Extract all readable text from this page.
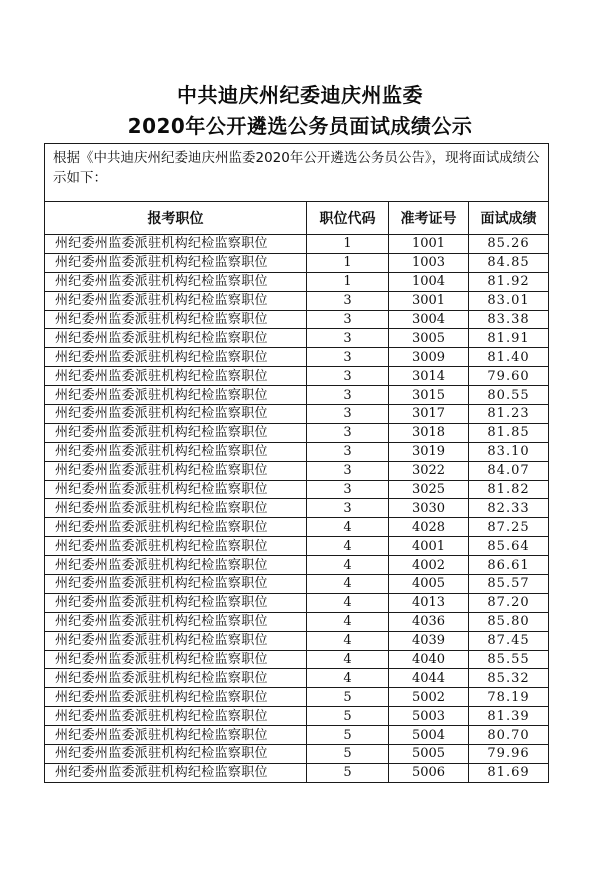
中共迪庆州纪委迪庆州监委
2020年公开遴选公务员面试成绩公示
根据《中共迪庆州纪委迪庆州监委2020年公开遴选公务员公告》，现将面试成绩公示如下：			
报考职位	职位代码	准考证号	面试成绩
州纪委州监委派驻机构纪检监察职位	1	1001	85.26
州纪委州监委派驻机构纪检监察职位	1	1003	84.85
州纪委州监委派驻机构纪检监察职位	1	1004	81.92
州纪委州监委派驻机构纪检监察职位	3	3001	83.01
州纪委州监委派驻机构纪检监察职位	3	3004	83.38
州纪委州监委派驻机构纪检监察职位	3	3005	81.91
州纪委州监委派驻机构纪检监察职位	3	3009	81.40
州纪委州监委派驻机构纪检监察职位	3	3014	79.60
州纪委州监委派驻机构纪检监察职位	3	3015	80.55
州纪委州监委派驻机构纪检监察职位	3	3017	81.23
州纪委州监委派驻机构纪检监察职位	3	3018	81.85
州纪委州监委派驻机构纪检监察职位	3	3019	83.10
州纪委州监委派驻机构纪检监察职位	3	3022	84.07
州纪委州监委派驻机构纪检监察职位	3	3025	81.82
州纪委州监委派驻机构纪检监察职位	3	3030	82.33
州纪委州监委派驻机构纪检监察职位	4	4028	87.25
州纪委州监委派驻机构纪检监察职位	4	4001	85.64
州纪委州监委派驻机构纪检监察职位	4	4002	86.61
州纪委州监委派驻机构纪检监察职位	4	4005	85.57
州纪委州监委派驻机构纪检监察职位	4	4013	87.20
州纪委州监委派驻机构纪检监察职位	4	4036	85.80
州纪委州监委派驻机构纪检监察职位	4	4039	87.45
州纪委州监委派驻机构纪检监察职位	4	4040	85.55
州纪委州监委派驻机构纪检监察职位	4	4044	85.32
州纪委州监委派驻机构纪检监察职位	5	5002	78.19
州纪委州监委派驻机构纪检监察职位	5	5003	81.39
州纪委州监委派驻机构纪检监察职位	5	5004	80.70
州纪委州监委派驻机构纪检监察职位	5	5005	79.96
州纪委州监委派驻机构纪检监察职位	5	5006	81.69
